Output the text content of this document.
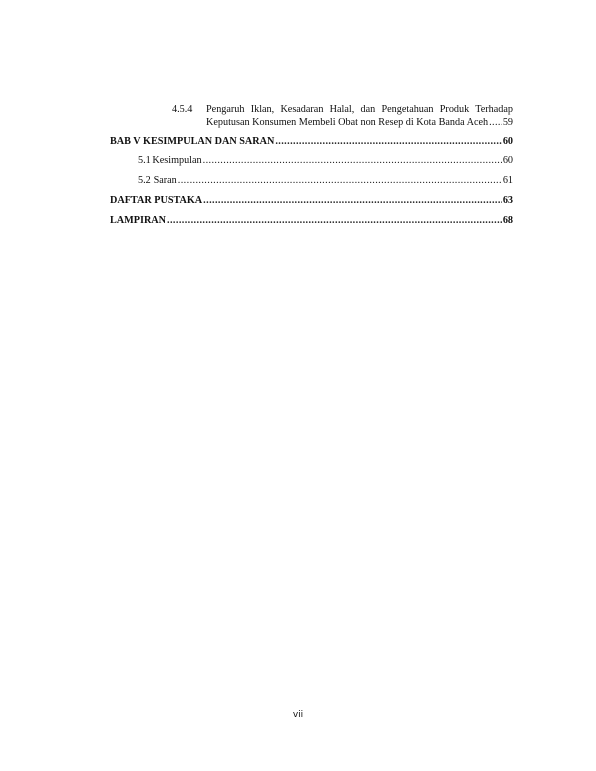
4.5.4	Pengaruh Iklan, Kesadaran Halal, dan Pengetahuan Produk Terhadap
Keputusan Konsumen Membeli Obat non Resep di Kota Banda Aceh ..... 59
BAB V KESIMPULAN DAN SARAN .....	60
5.1 Kesimpulan .....	60
5.2 Saran .....	61
DAFTAR PUSTAKA .....	63
LAMPIRAN .....	68
vii
